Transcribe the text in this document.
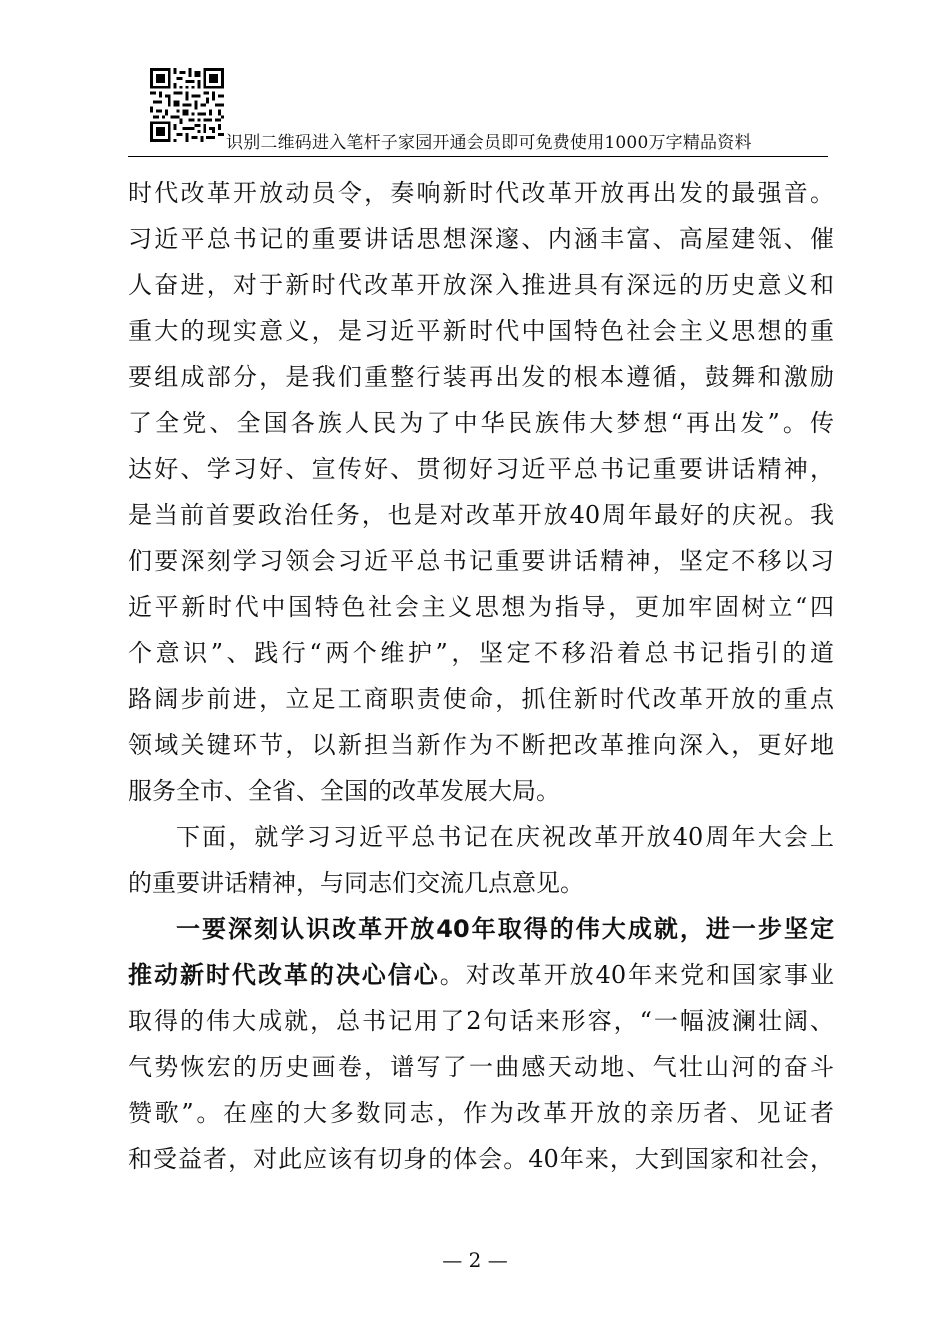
识别二维码进入笔杆子家园开通会员即可免费使用1000万字精品资料
时代改革开放动员令，奏响新时代改革开放再出发的最强音。
习近平总书记的重要讲话思想深邃、内涵丰富、高屋建瓴、催
人奋进，对于新时代改革开放深入推进具有深远的历史意义和
重大的现实意义，是习近平新时代中国特色社会主义思想的重
要组成部分，是我们重整行装再出发的根本遵循，鼓舞和激励
了全党、全国各族人民为了中华民族伟大梦想“再出发”。传
达好、学习好、宣传好、贯彻好习近平总书记重要讲话精神，
是当前首要政治任务，也是对改革开放40周年最好的庆祝。我
们要深刻学习领会习近平总书记重要讲话精神，坚定不移以习
近平新时代中国特色社会主义思想为指导，更加牢固树立“四
个意识”、践行“两个维护”，坚定不移沿着总书记指引的道
路阔步前进，立足工商职责使命，抓住新时代改革开放的重点
领域关键环节，以新担当新作为不断把改革推向深入，更好地
服务全市、全省、全国的改革发展大局。
下面，就学习习近平总书记在庆祝改革开放40周年大会上
的重要讲话精神，与同志们交流几点意见。
一要深刻认识改革开放40年取得的伟大成就，进一步坚定
推动新时代改革的决心信心。对改革开放40年来党和国家事业
取得的伟大成就，总书记用了2句话来形容，“一幅波澜壮阔、
气势恢宏的历史画卷，谱写了一曲感天动地、气壮山河的奋斗
赞歌”。在座的大多数同志，作为改革开放的亲历者、见证者
和受益者，对此应该有切身的体会。40年来，大到国家和社会，
— 2 —
